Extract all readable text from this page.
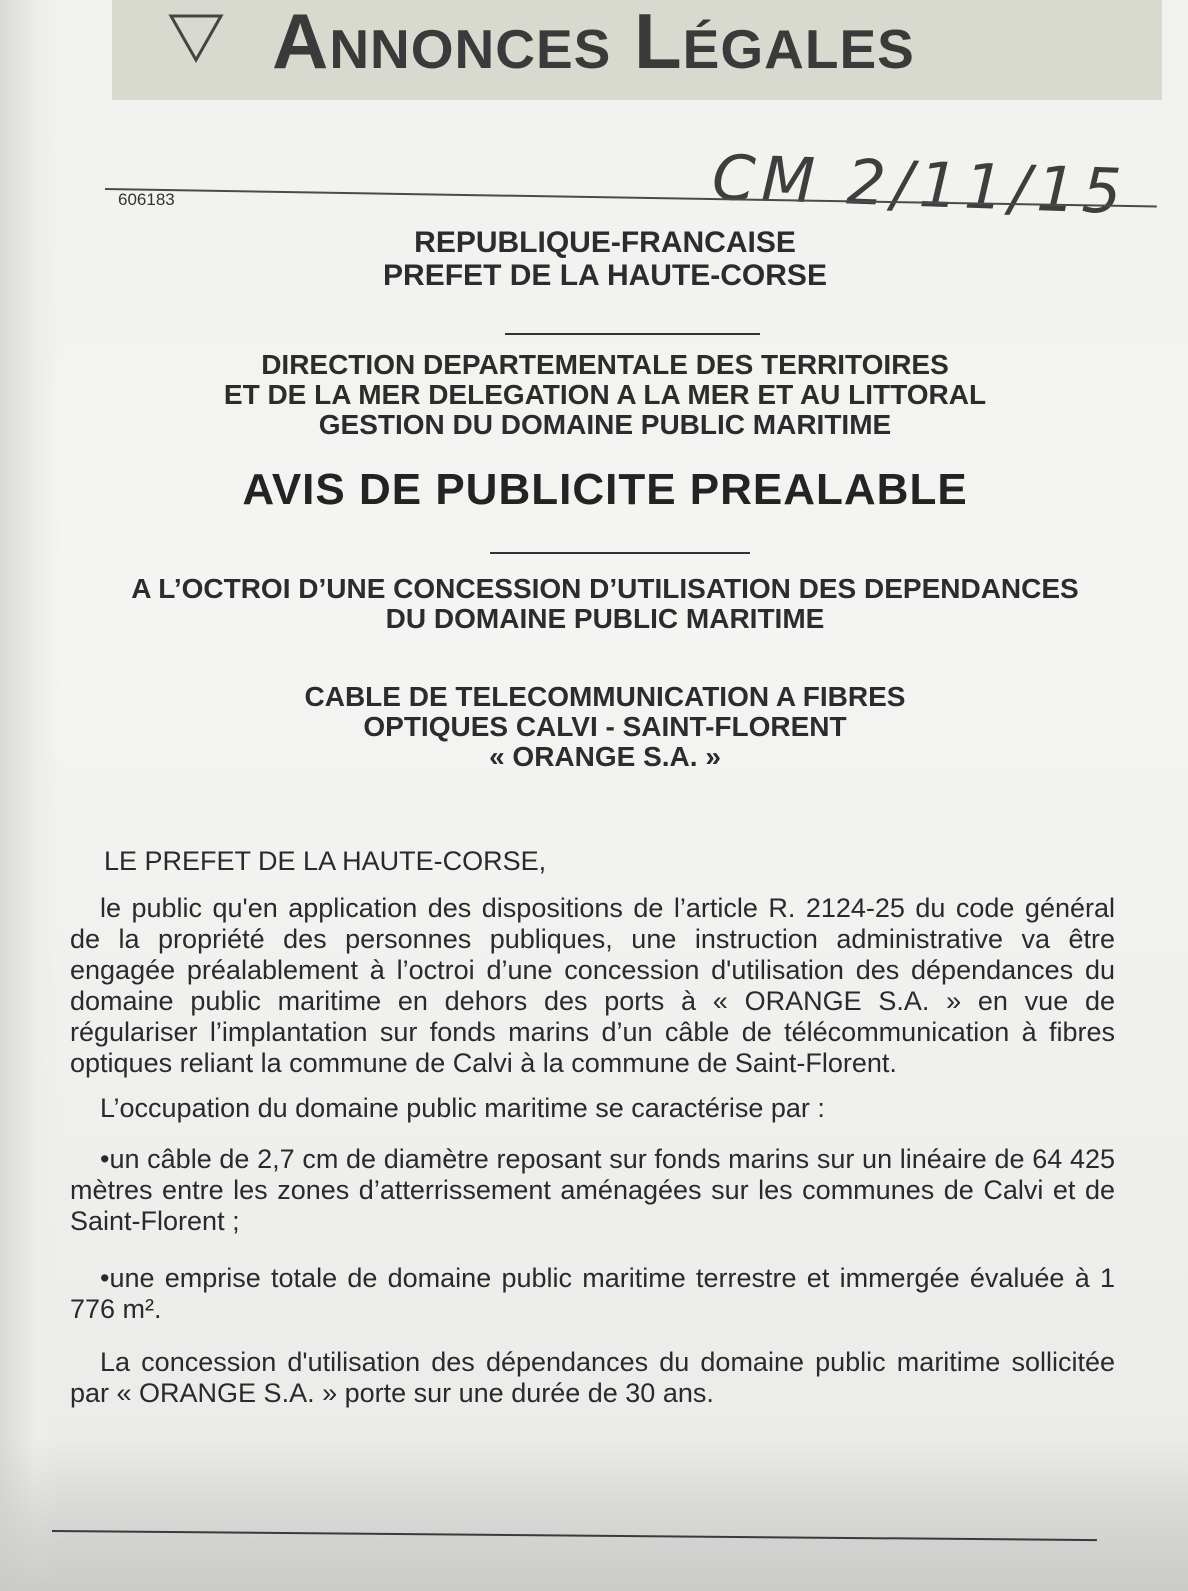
Annonces Légales
CM 2/11/15
606183
REPUBLIQUE-FRANCAISE
PREFET DE LA HAUTE-CORSE
DIRECTION DEPARTEMENTALE DES TERRITOIRES
ET DE LA MER DELEGATION A LA MER ET AU LITTORAL
GESTION DU DOMAINE PUBLIC MARITIME
AVIS DE PUBLICITE PREALABLE
A L’OCTROI D’UNE CONCESSION D’UTILISATION DES DEPENDANCES
DU DOMAINE PUBLIC MARITIME
CABLE DE TELECOMMUNICATION A FIBRES
OPTIQUES CALVI - SAINT-FLORENT
« ORANGE S.A. »

LE PREFET DE LA HAUTE-CORSE,

le public qu'en application des dispositions de l’article R. 2124-25 du code général de la propriété des personnes publiques, une instruction administrative va être engagée préalablement à l’octroi d’une concession d'utilisation des dépendances du domaine public maritime en dehors des ports à « ORANGE S.A. » en vue de régulariser l’implantation sur fonds marins d’un câble de télécommunication à fibres optiques reliant la commune de Calvi à la commune de Saint-Florent.

L’occupation du domaine public maritime se caractérise par :

•un câble de 2,7 cm de diamètre reposant sur fonds marins sur un linéaire de 64 425 mètres entre les zones d’atterrissement aménagées sur les communes de Calvi et de Saint-Florent ;

•une emprise totale de domaine public maritime terrestre et immergée évaluée à 1 776 m².

La concession d'utilisation des dépendances du domaine public maritime sollicitée par « ORANGE S.A. » porte sur une durée de 30 ans.
